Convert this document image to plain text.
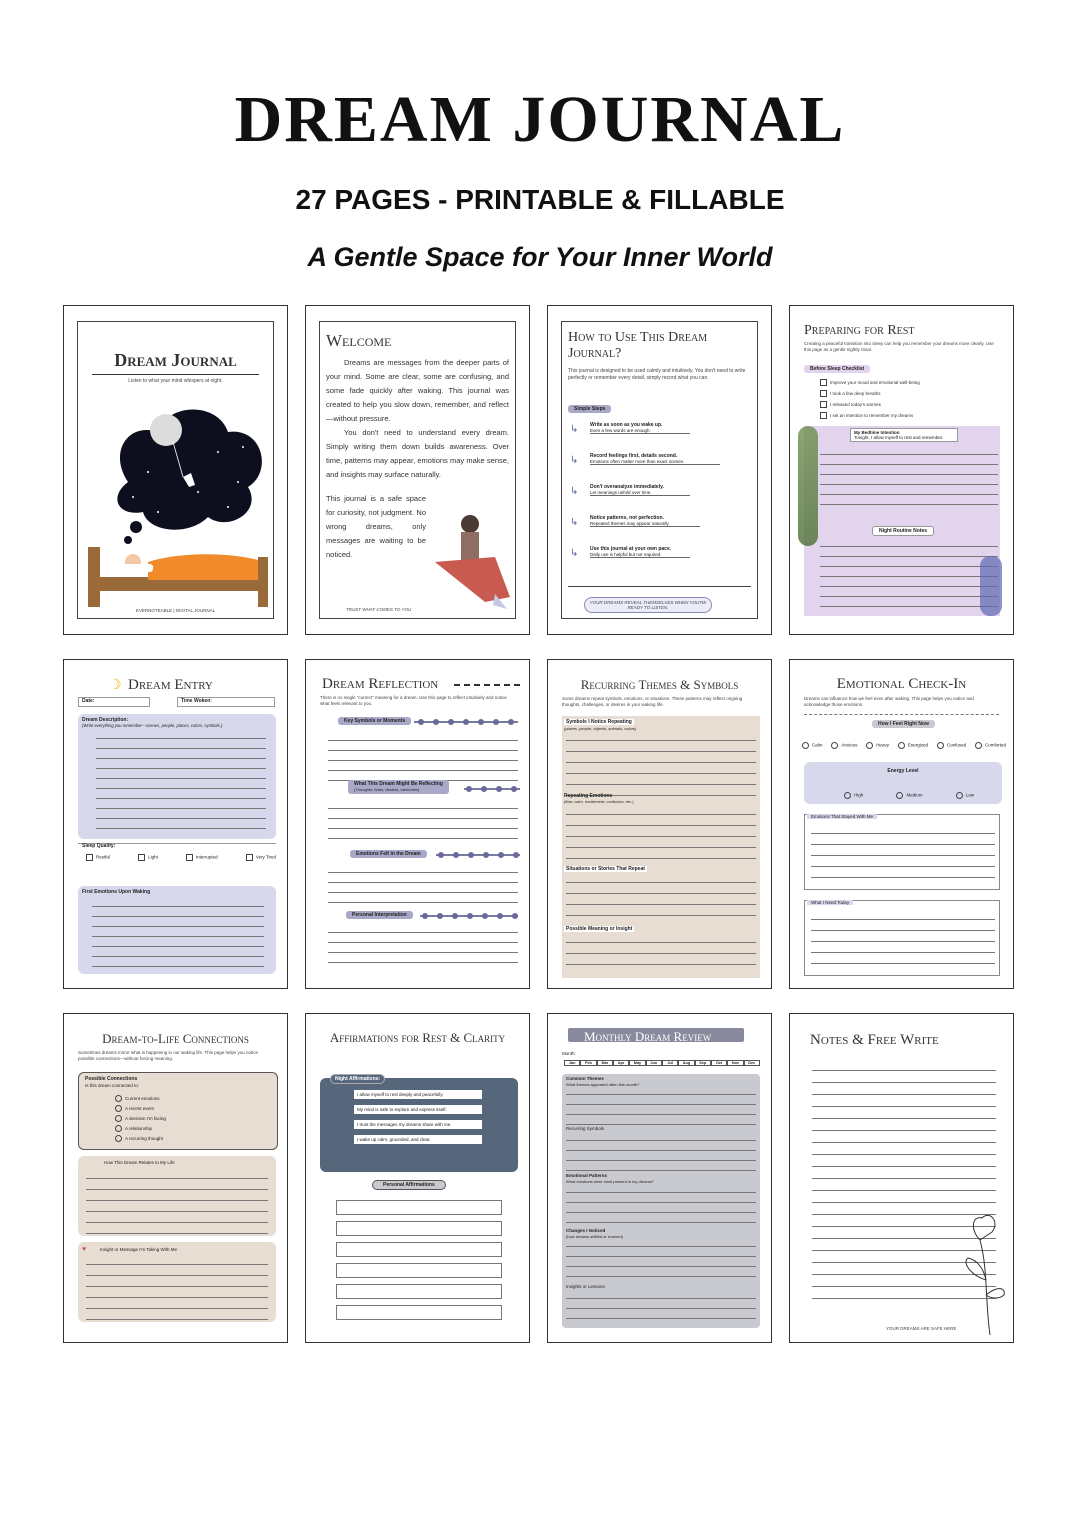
DREAM JOURNAL
27 PAGES - PRINTABLE & FILLABLE
A Gentle Space for Your Inner World
Dream Journal
Listen to what your mind whispers at night.
EVERNOTEABLE | DIGITAL JOURNAL
Welcome
Dreams are messages from the deeper parts of your mind. Some are clear, some are confusing, and some fade quickly after waking. This journal was created to help you slow down, remember, and reflect—without pressure.
You don't need to understand every dream. Simply writing them down builds awareness. Over time, patterns may appear, emotions may make sense, and insights may surface naturally.
This journal is a safe space for curiosity, not judgment. No wrong dreams, only messages are waiting to be noticed.
TRUST WHAT COMES TO YOU
How to Use This Dream Journal?
This journal is designed to be used calmly and intuitively. You don't need to write perfectly or remember every detail, simply record what you can.
Simple Steps
↳ Write as soon as you wake up.
Even a few words are enough.
↳ Record feelings first, details second.
Emotions often matter more than exact scenes.
↳ Don't overanalyze immediately.
Let meanings unfold over time.
↳ Notice patterns, not perfection.
Repeated themes may appear naturally.
↳ Use this journal at your own pace.
Daily use is helpful but not required.
YOUR DREAMS REVEAL THEMSELVES WHEN YOU'RE READY TO LISTEN.
Preparing for Rest
Creating a peaceful transition into sleep can help you remember your dreams more clearly. Use this page as a gentle nightly ritual.
Before Sleep Checklist
Improve your mood and emotional well-being
I took a few deep breaths
I released today's worries
I set an intention to remember my dreams
My Bedtime Intention
Tonight, I allow myself to rest and remember.
Night Routine Notes
☽ Dream Entry
Date:	Time Woken:
Dream Description:
(Write everything you remember—scenes, people, places, colors, symbols.)
Sleep Quality:
Restful	Light	Interrupted	Very Tired
First Emotions Upon Waking
Dream Reflection
There is no single "correct" meaning for a dream. Use this page to reflect intuitively and notice what feels relevant to you.
Key Symbols or Moments
What This Dream Might Be Reflecting
(Thoughts, fears, desires, memories)
Emotions Felt in the Dream
Personal Interpretation
Recurring Themes & Symbols
Some dreams repeat symbols, emotions, or situations. These patterns may reflect ongoing thoughts, challenges, or desires in your waking life.
Symbols I Notice Repeating
(places, people, objects, animals, colors)
Repeating Emotions
(fear, calm, excitement, confusion, etc.)
Situations or Stories That Repeat
Possible Meaning or Insight
Emotional Check-In
Dreams can influence how we feel even after waking. This page helps you notice and acknowledge those emotions.
How I Feel Right Now
Calm	Anxious	Heavy	Energized	Confused	Comforted
Energy Level
High	Medium	Low
Emotions That Stayed With Me
What I Need Today
Dream-to-Life Connections
Sometimes dreams mirror what is happening in our waking life. This page helps you notice possible connections—without forcing meaning.
Possible Connections
Is this dream connected to:
Current emotions
A recent event
A decision I'm facing
A relationship
A recurring thought
How This Dream Relates to My Life
♥	Insight or Message I'm Taking With Me
Affirmations for Rest & Clarity
Night Affirmations:
I allow myself to rest deeply and peacefully.
My mind is safe to explore and express itself.
I trust the messages my dreams share with me.
I wake up calm, grounded, and clear.
Personal Affirmations
Monthly Dream Review
Month:
Jan	Feb	Mar	Apr	May	Jun	Jul	Aug	Sep	Oct	Nov	Dec
Common Themes
What themes appeared often this month?
Recurring Symbols
Emotional Patterns
What emotions were most present in my dreams?
Changes I Noticed
(how dreams shifted or evolved)
Insights or Lessons
Notes & Free Write
YOUR DREAMS ARE SAFE HERE
